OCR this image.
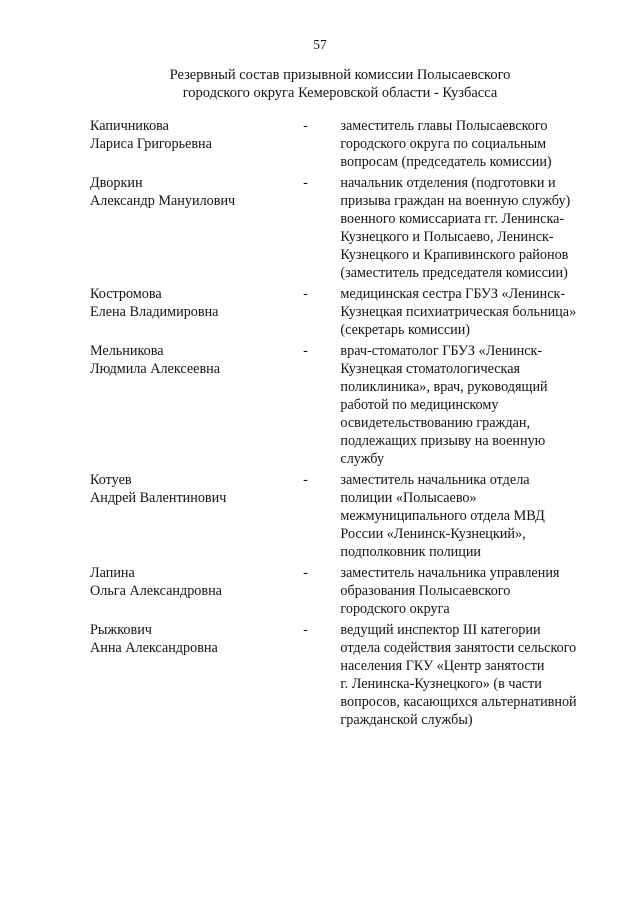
57
Резервный состав призывной комиссии Полысаевского
городского округа Кемеровской области - Кузбасса
Капичникова
Лариса Григорьевна
-	заместитель главы Полысаевского
городского округа по социальным
вопросам (председатель комиссии)
Дворкин
Александр Мануилович
-	начальник отделения (подготовки и
призыва граждан на военную службу)
военного комиссариата гг. Ленинска-
Кузнецкого и Полысаево, Ленинск-
Кузнецкого и Крапивинского районов
(заместитель председателя комиссии)
Костромова
Елена Владимировна
-	медицинская сестра ГБУЗ «Ленинск-
Кузнецкая психиатрическая больница»
(секретарь комиссии)
Мельникова
Людмила Алексеевна
-	врач-стоматолог ГБУЗ «Ленинск-
Кузнецкая стоматологическая
поликлиника», врач, руководящий
работой по медицинскому
освидетельствованию граждан,
подлежащих призыву на военную
службу
Котуев
Андрей Валентинович
-	заместитель начальника отдела
полиции «Полысаево»
межмуниципального отдела МВД
России «Ленинск-Кузнецкий»,
подполковник полиции
Лапина
Ольга Александровна
-	заместитель начальника управления
образования Полысаевского
городского округа
Рыжкович
Анна Александровна
-	ведущий инспектор III категории
отдела содействия занятости сельского
населения ГКУ «Центр занятости
г. Ленинска-Кузнецкого» (в части
вопросов, касающихся альтернативной
гражданской службы)
